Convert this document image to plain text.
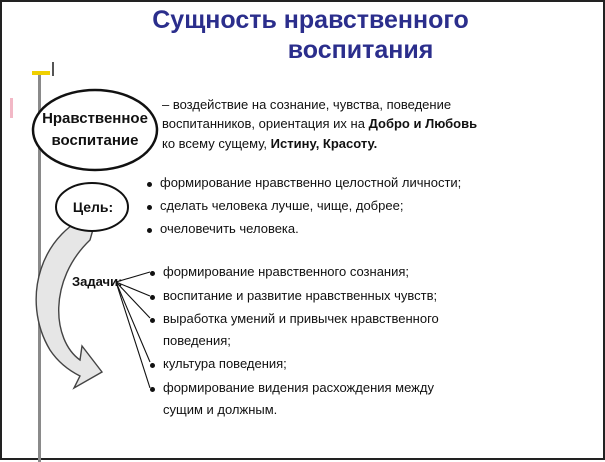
Сущность нравственного
воспитания
Нравственное
воспитание
Цель:
– воздействие на сознание, чувства, поведение
воспитанников, ориентация их на Добро и Любовь
ко всему сущему, Истину, Красоту.
формирование нравственно целостной личности;
сделать человека лучше, чище, добрее;
очеловечить человека.
Задачи:
формирование нравственного сознания;
воспитание и развитие нравственных чувств;
выработка умений и привычек нравственного
поведения;
культура поведения;
формирование видения расхождения между
сущим и должным.
